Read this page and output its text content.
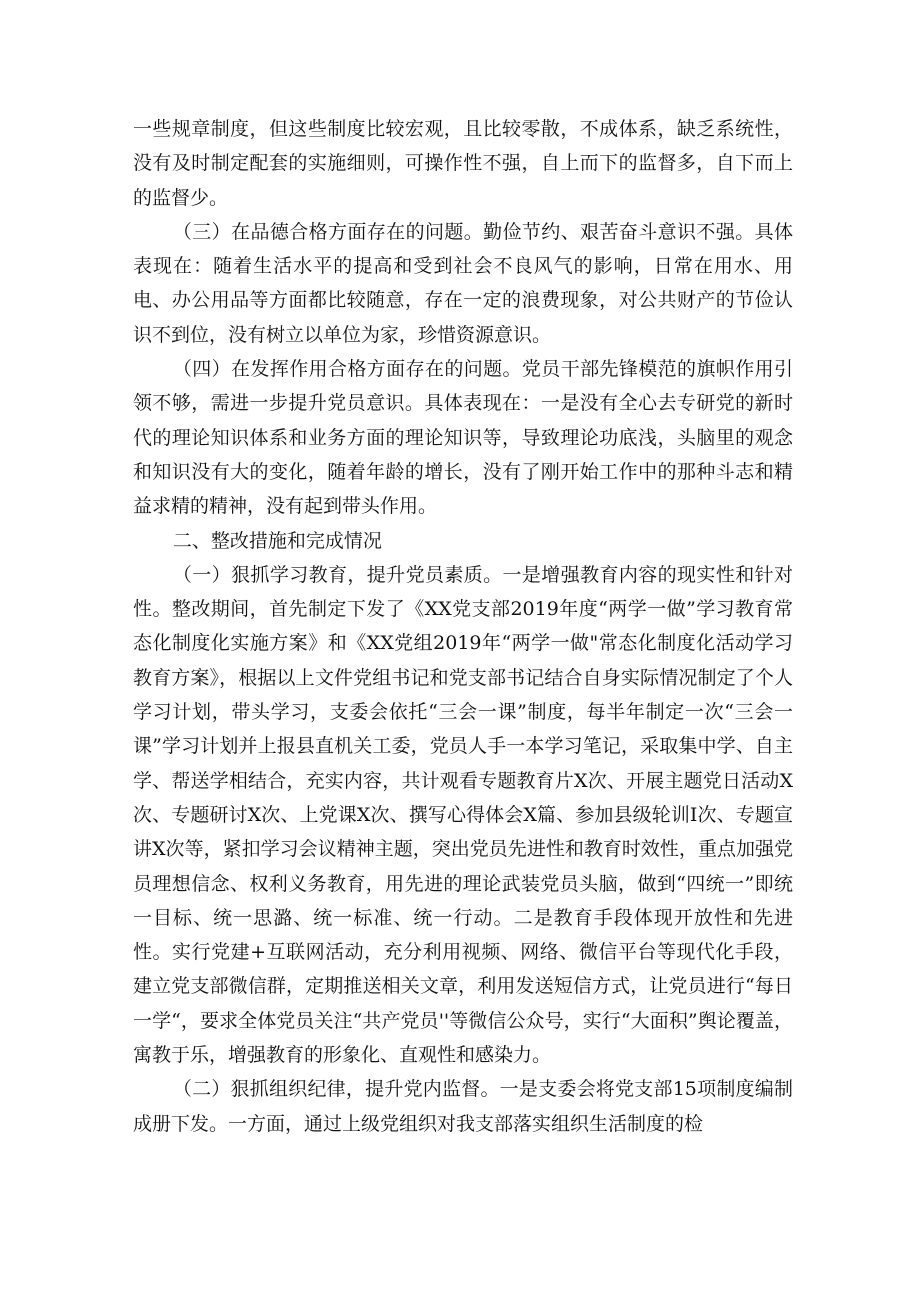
一些规章制度，但这些制度比较宏观，且比较零散，不成体系，缺乏系统性，没有及时制定配套的实施细则，可操作性不强，自上而下的监督多，自下而上的监督少。

（三）在品德合格方面存在的问题。勤俭节约、艰苦奋斗意识不强。具体表现在：随着生活水平的提高和受到社会不良风气的影响，日常在用水、用电、办公用品等方面都比较随意，存在一定的浪费现象，对公共财产的节俭认识不到位，没有树立以单位为家，珍惜资源意识。

（四）在发挥作用合格方面存在的问题。党员干部先锋模范的旗帜作用引领不够，需进一步提升党员意识。具体表现在：一是没有全心去专研党的新时代的理论知识体系和业务方面的理论知识等，导致理论功底浅，头脑里的观念和知识没有大的变化，随着年龄的增长，没有了刚开始工作中的那种斗志和精益求精的精神，没有起到带头作用。

二、整改措施和完成情况

（一）狠抓学习教育，提升党员素质。一是增强教育内容的现实性和针对性。整改期间，首先制定下发了《XX党支部2019年度“两学一做”学习教育常态化制度化实施方案》和《XX党组2019年“两学一做"常态化制度化活动学习教育方案》，根据以上文件党组书记和党支部书记结合自身实际情况制定了个人学习计划，带头学习，支委会依托“三会一课”制度，每半年制定一次“三会一课”学习计划并上报县直机关工委，党员人手一本学习笔记，采取集中学、自主学、帮送学相结合，充实内容，共计观看专题教育片X次、开展主题党日活动X次、专题研讨X次、上党课X次、撰写心得体会X篇、参加县级轮训I次、专题宣讲X次等，紧扣学习会议精神主题，突出党员先进性和教育时效性，重点加强党员理想信念、权利义务教育，用先进的理论武装党员头脑，做到“四统一”即统一目标、统一思潞、统一标准、统一行动。二是教育手段体现开放性和先进性。实行党建+互联网活动，充分利用视频、网络、微信平台等现代化手段，建立党支部微信群，定期推送相关文章，利用发送短信方式，让党员进行“每日一学“，要求全体党员关注“共产党员''等微信公众号，实行“大面积”舆论覆盖，寓教于乐，增强教育的形象化、直观性和感染力。

（二）狠抓组织纪律，提升党内监督。一是支委会将党支部15项制度编制成册下发。一方面，通过上级党组织对我支部落实组织生活制度的检
